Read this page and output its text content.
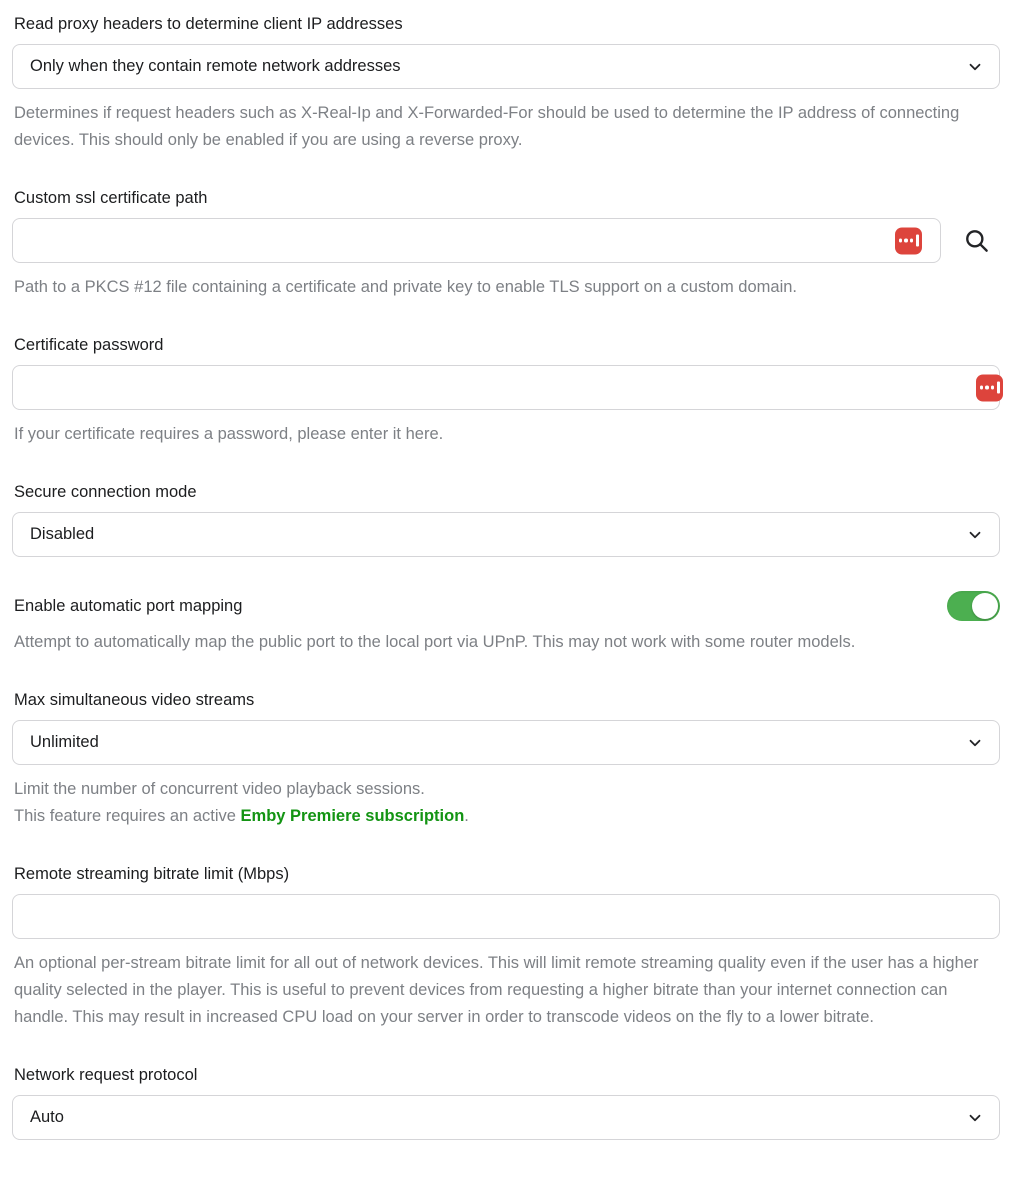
Read proxy headers to determine client IP addresses
Only when they contain remote network addresses
Determines if request headers such as X-Real-Ip and X-Forwarded-For should be used to determine the IP address of connecting devices. This should only be enabled if you are using a reverse proxy.
Custom ssl certificate path
Path to a PKCS #12 file containing a certificate and private key to enable TLS support on a custom domain.
Certificate password
If your certificate requires a password, please enter it here.
Secure connection mode
Disabled
Enable automatic port mapping
Attempt to automatically map the public port to the local port via UPnP. This may not work with some router models.
Max simultaneous video streams
Unlimited
Limit the number of concurrent video playback sessions.
This feature requires an active Emby Premiere subscription.
Remote streaming bitrate limit (Mbps)
An optional per-stream bitrate limit for all out of network devices. This will limit remote streaming quality even if the user has a higher quality selected in the player. This is useful to prevent devices from requesting a higher bitrate than your internet connection can handle. This may result in increased CPU load on your server in order to transcode videos on the fly to a lower bitrate.
Network request protocol
Auto
